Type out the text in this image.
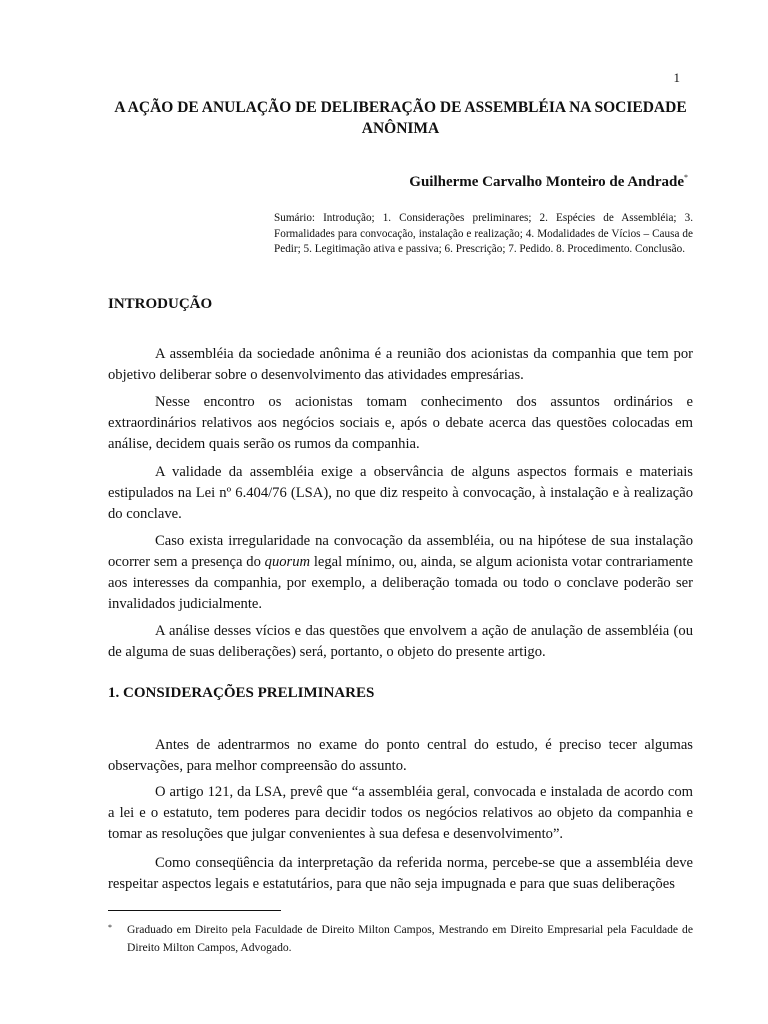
1
A AÇÃO DE ANULAÇÃO DE DELIBERAÇÃO DE ASSEMBLÉIA NA SOCIEDADE ANÔNIMA
Guilherme Carvalho Monteiro de Andrade*
Sumário: Introdução; 1. Considerações preliminares; 2. Espécies de Assembléia; 3. Formalidades para convocação, instalação e realização; 4. Modalidades de Vícios – Causa de Pedir; 5. Legitimação ativa e passiva; 6. Prescrição; 7. Pedido. 8. Procedimento. Conclusão.
INTRODUÇÃO

A assembléia da sociedade anônima é a reunião dos acionistas da companhia que tem por objetivo deliberar sobre o desenvolvimento das atividades empresárias.

Nesse encontro os acionistas tomam conhecimento dos assuntos ordinários e extraordinários relativos aos negócios sociais e, após o debate acerca das questões colocadas em análise, decidem quais serão os rumos da companhia.

A validade da assembléia exige a observância de alguns aspectos formais e materiais estipulados na Lei nº 6.404/76 (LSA), no que diz respeito à convocação, à instalação e à realização do conclave.

Caso exista irregularidade na convocação da assembléia, ou na hipótese de sua instalação ocorrer sem a presença do quorum legal mínimo, ou, ainda, se algum acionista votar contrariamente aos interesses da companhia, por exemplo, a deliberação tomada ou todo o conclave poderão ser invalidados judicialmente.

A análise desses vícios e das questões que envolvem a ação de anulação de assembléia (ou de alguma de suas deliberações) será, portanto, o objeto do presente artigo.

1. CONSIDERAÇÕES PRELIMINARES

Antes de adentrarmos no exame do ponto central do estudo, é preciso tecer algumas observações, para melhor compreensão do assunto.

O artigo 121, da LSA, prevê que “a assembléia geral, convocada e instalada de acordo com a lei e o estatuto, tem poderes para decidir todos os negócios relativos ao objeto da companhia e tomar as resoluções que julgar convenientes à sua defesa e desenvolvimento”.

Como conseqüência da interpretação da referida norma, percebe-se que a assembléia deve respeitar aspectos legais e estatutários, para que não seja impugnada e para que suas deliberações

* Graduado em Direito pela Faculdade de Direito Milton Campos, Mestrando em Direito Empresarial pela Faculdade de Direito Milton Campos, Advogado.
